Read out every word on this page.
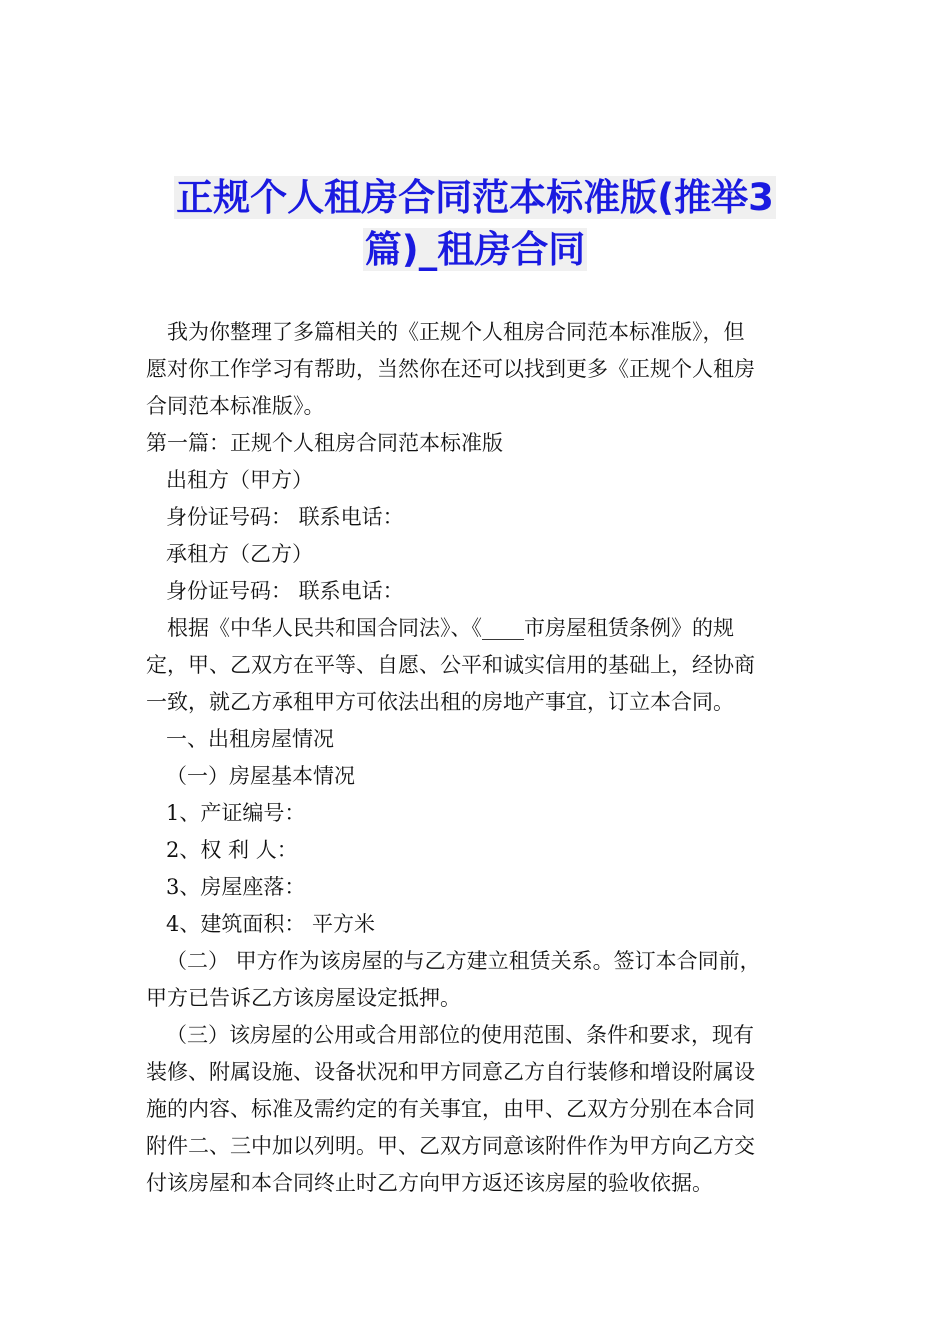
正规个人租房合同范本标准版(推举3
篇)_租房合同
我为你整理了多篇相关的《正规个人租房合同范本标准版》，但
愿对你工作学习有帮助，当然你在还可以找到更多《正规个人租房
合同范本标准版》。
第一篇：正规个人租房合同范本标准版
出租方（甲方）
身份证号码： 联系电话：
承租方（乙方）
身份证号码： 联系电话：
根据《中华人民共和国合同法》、《____市房屋租赁条例》的规
定，甲、乙双方在平等、自愿、公平和诚实信用的基础上，经协商
一致，就乙方承租甲方可依法出租的房地产事宜，订立本合同。
一、出租房屋情况
（一）房屋基本情况
1、产证编号：
2、权 利 人：
3、房屋座落：
4、建筑面积： 平方米
（二） 甲方作为该房屋的与乙方建立租赁关系。签订本合同前，
甲方已告诉乙方该房屋设定抵押。
（三）该房屋的公用或合用部位的使用范围、条件和要求，现有
装修、附属设施、设备状况和甲方同意乙方自行装修和增设附属设
施的内容、标准及需约定的有关事宜，由甲、乙双方分别在本合同
附件二、三中加以列明。甲、乙双方同意该附件作为甲方向乙方交
付该房屋和本合同终止时乙方向甲方返还该房屋的验收依据。
